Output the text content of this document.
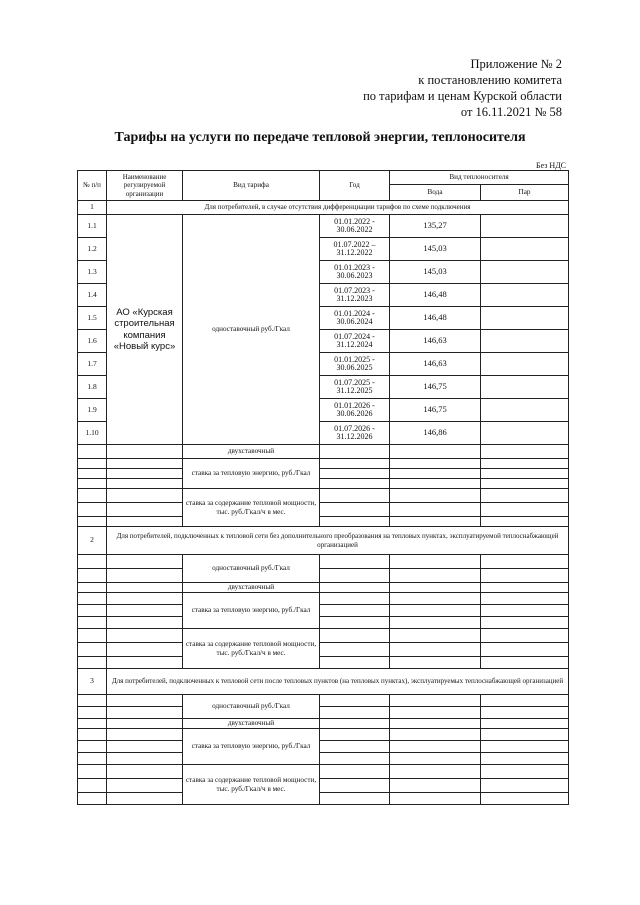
Приложение № 2
к постановлению комитета
по тарифам и ценам Курской области
от 16.11.2021 № 58
Тарифы на услуги по передаче тепловой энергии, теплоносителя
Без НДС
№ п/п	Наименование регулируемой организации	Вид тарифа	Год	Вид теплоносителя	
				Вода	Пар
1	Для потребителей, в случае отсутствия дифференциации тарифов по схеме подключения				
1.1	АО «Курская строительная компания «Новый курс»	одноставочный руб./Гкал	01.01.2022 - 30.06.2022	135,27	
1.2			01.07.2022 – 31.12.2022	145,03	
1.3			01.01.2023 - 30.06.2023	145,03	
1.4			01.07.2023 - 31.12.2023	146,48	
1.5			01.01.2024 - 30.06.2024	146,48	
1.6			01.07.2024 - 31.12.2024	146,63	
1.7			01.01.2025 - 30.06.2025	146,63	
1.8			01.07.2025 - 31.12.2025	146,75	
1.9			01.01.2026 - 30.06.2026	146,75	
1.10			01.07.2026 - 31.12.2026	146,86	
		двухставочный			
		ставка за тепловую энергию, руб./Гкал			

		ставка за содержание тепловой мощности, тыс. руб./Гкал/ч в мес.			

2	Для потребителей, подключенных к тепловой сети без дополнительного преобразования на тепловых пунктах, эксплуатируемой теплоснабжающей организацией				
		одноставочный руб./Гкал			

		двухставочный			
		ставка за тепловую энергию, руб./Гкал			

		ставка за содержание тепловой мощности, тыс. руб./Гкал/ч в мес.			

3	Для потребителей, подключенных к тепловой сети после тепловых пунктов (на тепловых пунктах), эксплуатируемых теплоснабжающей организацией				
		одноставочный руб./Гкал			

		двухставочный			
		ставка за тепловую энергию, руб./Гкал			

		ставка за содержание тепловой мощности, тыс. руб./Гкал/ч в мес.			
